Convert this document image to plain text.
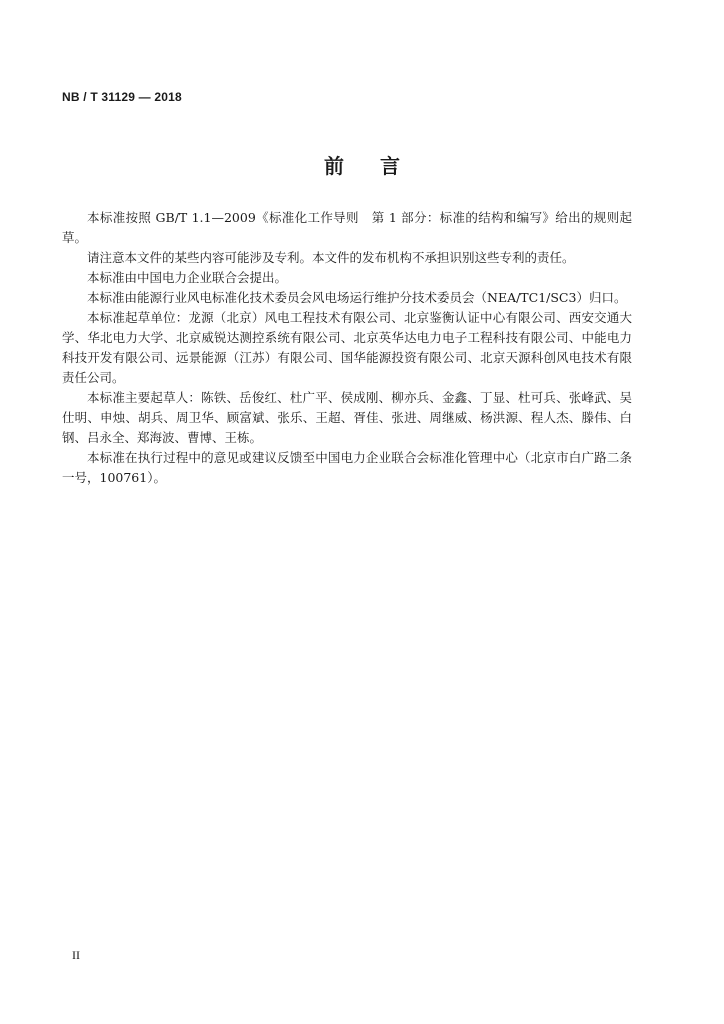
NB / T 31129 — 2018
前言

本标准按照 GB/T 1.1—2009《标准化工作导则　第 1 部分：标准的结构和编写》给出的规则起草。

请注意本文件的某些内容可能涉及专利。本文件的发布机构不承担识别这些专利的责任。

本标准由中国电力企业联合会提出。

本标准由能源行业风电标准化技术委员会风电场运行维护分技术委员会（NEA/TC1/SC3）归口。

本标准起草单位：龙源（北京）风电工程技术有限公司、北京鉴衡认证中心有限公司、西安交通大学、华北电力大学、北京威锐达测控系统有限公司、北京英华达电力电子工程科技有限公司、中能电力科技开发有限公司、远景能源（江苏）有限公司、国华能源投资有限公司、北京天源科创风电技术有限责任公司。

本标准主要起草人：陈铁、岳俊红、杜广平、侯成刚、柳亦兵、金鑫、丁显、杜可兵、张峰武、吴仕明、申烛、胡兵、周卫华、顾富斌、张乐、王超、胥佳、张进、周继威、杨洪源、程人杰、滕伟、白钢、吕永全、郑海波、曹博、王栋。

本标准在执行过程中的意见或建议反馈至中国电力企业联合会标准化管理中心（北京市白广路二条一号，100761）。

II
